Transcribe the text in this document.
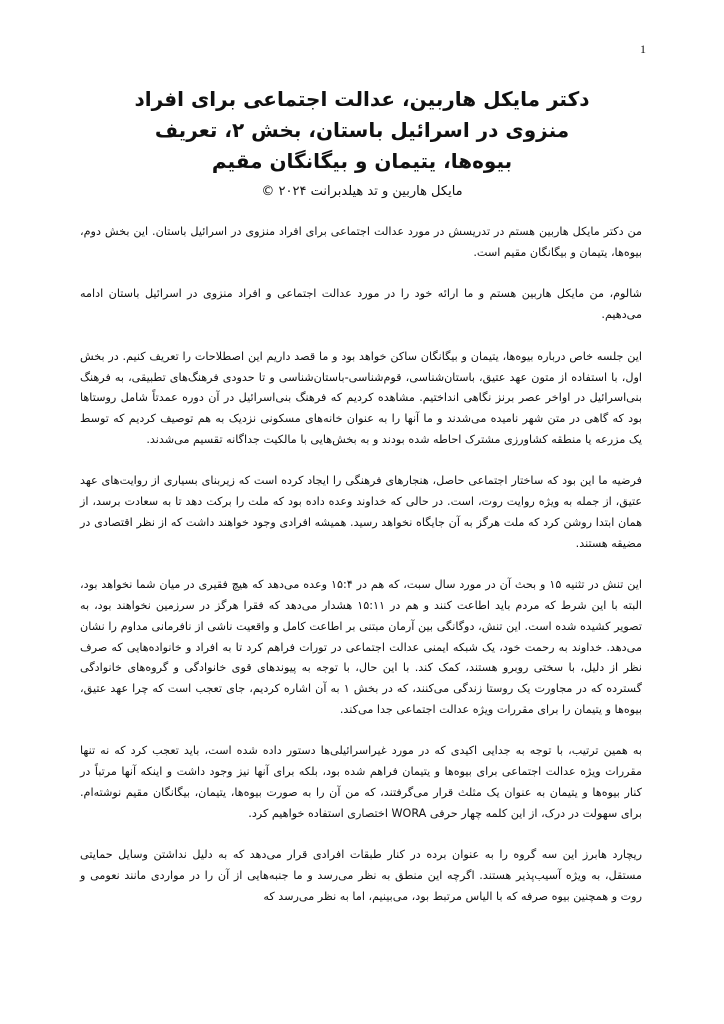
1
دکتر مایکل هاربین، عدالت اجتماعی برای افراد منزوی در اسرائیل باستان، بخش ۲، تعریف بیوه‌ها، یتیمان و بیگانگان مقیم

مایکل هاربین و تد هیلدبرانت ۲۰۲۴ ©

من دکتر مایکل هاربین هستم در تدریسش در مورد عدالت اجتماعی برای افراد منزوی در اسرائیل باستان. این بخش دوم، بیوه‌ها، یتیمان و بیگانگان مقیم است.

شالوم، من مایکل هاربین هستم و ما ارائه خود را در مورد عدالت اجتماعی و افراد منزوی در اسرائیل باستان ادامه می‌دهیم.

این جلسه خاص درباره بیوه‌ها، یتیمان و بیگانگان ساکن خواهد بود و ما قصد داریم این اصطلاحات را تعریف کنیم. در بخش اول، با استفاده از متون عهد عتیق، باستان‌شناسی، قوم‌شناسی-باستان‌شناسی و تا حدودی فرهنگ‌های تطبیقی، به فرهنگ بنی‌اسرائیل در اواخر عصر برنز نگاهی انداختیم. مشاهده کردیم که فرهنگ بنی‌اسرائیل در آن دوره عمدتاً شامل روستاها بود که گاهی در متن شهر نامیده می‌شدند و ما آنها را به عنوان خانه‌های مسکونی نزدیک به هم توصیف کردیم که توسط یک مزرعه یا منطقه کشاورزی مشترک احاطه شده بودند و به بخش‌هایی با مالکیت جداگانه تقسیم می‌شدند.

فرضیه ما این بود که ساختار اجتماعی حاصل، هنجارهای فرهنگی را ایجاد کرده است که زیربنای بسیاری از روایت‌های عهد عتیق، از جمله به ویژه روایت روت، است. در حالی که خداوند وعده داده بود که ملت را برکت دهد تا به سعادت برسد، از همان ابتدا روشن کرد که ملت هرگز به آن جایگاه نخواهد رسید. همیشه افرادی وجود خواهند داشت که از نظر اقتصادی در مضیقه هستند.

این تنش در تثنیه ۱۵ و بحث آن در مورد سال سبت، که هم در ۱۵:۴ وعده می‌دهد که هیچ فقیری در میان شما نخواهد بود، البته با این شرط که مردم باید اطاعت کنند و هم در ۱۵:۱۱ هشدار می‌دهد که فقرا هرگز در سرزمین نخواهند بود، به تصویر کشیده شده است. این تنش، دوگانگی بین آرمان مبتنی بر اطاعت کامل و واقعیت ناشی از نافرمانی مداوم را نشان می‌دهد. خداوند به رحمت خود، یک شبکه ایمنی عدالت اجتماعی در تورات فراهم کرد تا به افراد و خانواده‌هایی که صرف نظر از دلیل، با سختی روبرو هستند، کمک کند. با این حال، با توجه به پیوندهای قوی خانوادگی و گروه‌های خانوادگی گسترده که در مجاورت یک روستا زندگی می‌کنند، که در بخش ۱ به آن اشاره کردیم، جای تعجب است که چرا عهد عتیق، بیوه‌ها و یتیمان را برای مقررات ویژه عدالت اجتماعی جدا می‌کند.

به همین ترتیب، با توجه به جدایی اکیدی که در مورد غیراسرائیلی‌ها دستور داده شده است، باید تعجب کرد که نه تنها مقررات ویژه عدالت اجتماعی برای بیوه‌ها و یتیمان فراهم شده بود، بلکه برای آنها نیز وجود داشت و اینکه آنها مرتباً در کنار بیوه‌ها و یتیمان به عنوان یک مثلث قرار می‌گرفتند، که من آن را به صورت بیوه‌ها، یتیمان، بیگانگان مقیم نوشته‌ام. برای سهولت در درک، از این کلمه چهار حرفی WORA اختصاری استفاده خواهیم کرد.

ریچارد هابرز این سه گروه را به عنوان برده در کنار طبقات افرادی قرار می‌دهد که به دلیل نداشتن وسایل حمایتی مستقل، به ویژه آسیب‌پذیر هستند. اگرچه این منطق به نظر می‌رسد و ما جنبه‌هایی از آن را در مواردی مانند نعومی و روت و همچنین بیوه صرفه که با الیاس مرتبط بود، می‌بینیم، اما به نظر می‌رسد که
